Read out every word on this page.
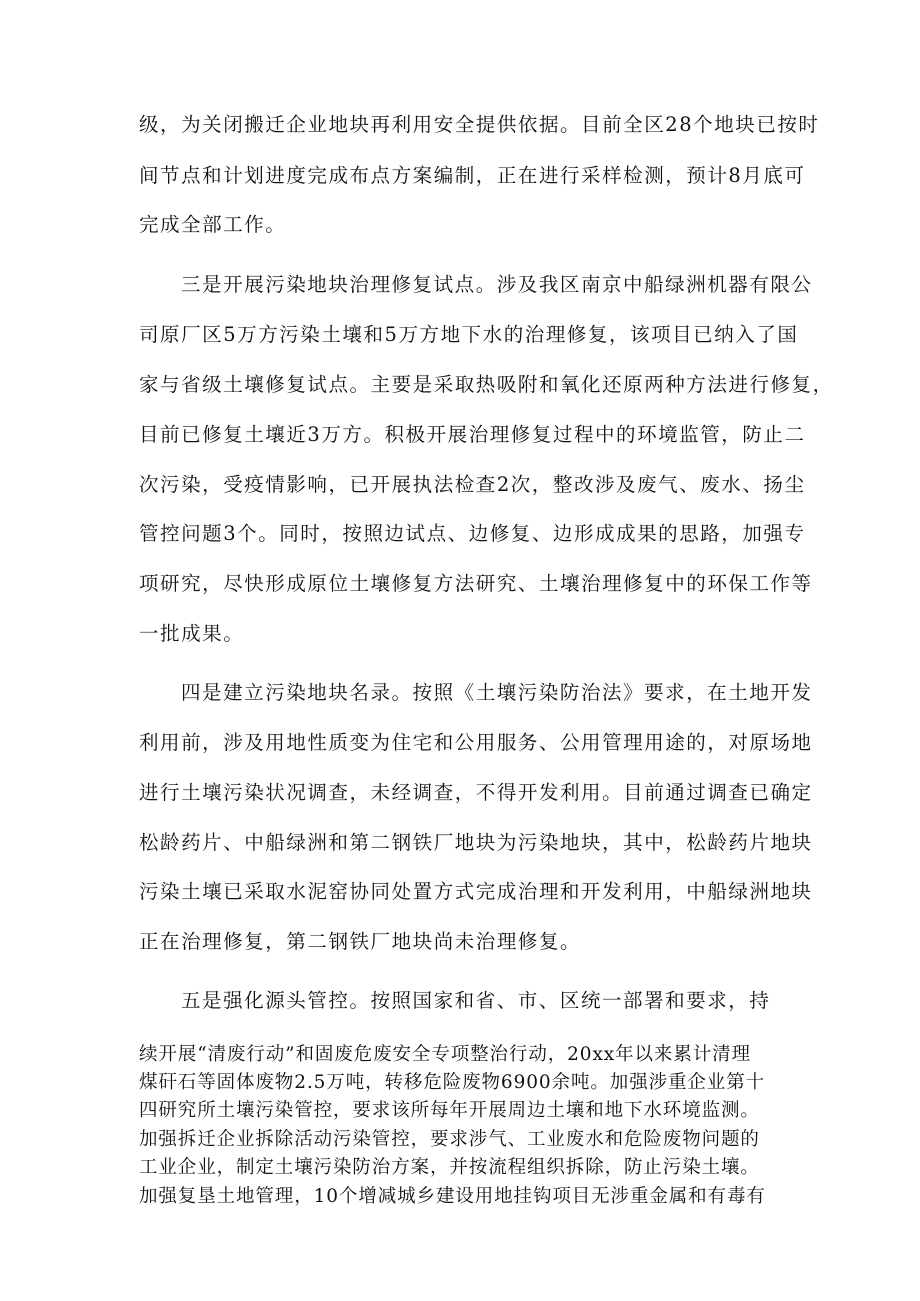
级，为关闭搬迁企业地块再利用安全提供依据。目前全区28个地块已按时
间节点和计划进度完成布点方案编制，正在进行采样检测，预计8月底可
完成全部工作。
三是开展污染地块治理修复试点。涉及我区南京中船绿洲机器有限公
司原厂区5万方污染土壤和5万方地下水的治理修复，该项目已纳入了国
家与省级土壤修复试点。主要是采取热吸附和氧化还原两种方法进行修复，
目前已修复土壤近3万方。积极开展治理修复过程中的环境监管，防止二
次污染，受疫情影响，已开展执法检查2次，整改涉及废气、废水、扬尘
管控问题3个。同时，按照边试点、边修复、边形成成果的思路，加强专
项研究，尽快形成原位土壤修复方法研究、土壤治理修复中的环保工作等
一批成果。
四是建立污染地块名录。按照《土壤污染防治法》要求，在土地开发
利用前，涉及用地性质变为住宅和公用服务、公用管理用途的，对原场地
进行土壤污染状况调查，未经调查，不得开发利用。目前通过调查已确定
松龄药片、中船绿洲和第二钢铁厂地块为污染地块，其中，松龄药片地块
污染土壤已采取水泥窑协同处置方式完成治理和开发利用，中船绿洲地块
正在治理修复，第二钢铁厂地块尚未治理修复。
五是强化源头管控。按照国家和省、市、区统一部署和要求，持
续开展“清废行动”和固废危废安全专项整治行动，20xx年以来累计清理
煤矸石等固体废物2.5万吨，转移危险废物6900余吨。加强涉重企业第十
四研究所土壤污染管控，要求该所每年开展周边土壤和地下水环境监测。
加强拆迁企业拆除活动污染管控，要求涉气、工业废水和危险废物问题的
工业企业，制定土壤污染防治方案，并按流程组织拆除，防止污染土壤。
加强复垦土地管理，10个增减城乡建设用地挂钩项目无涉重金属和有毒有
